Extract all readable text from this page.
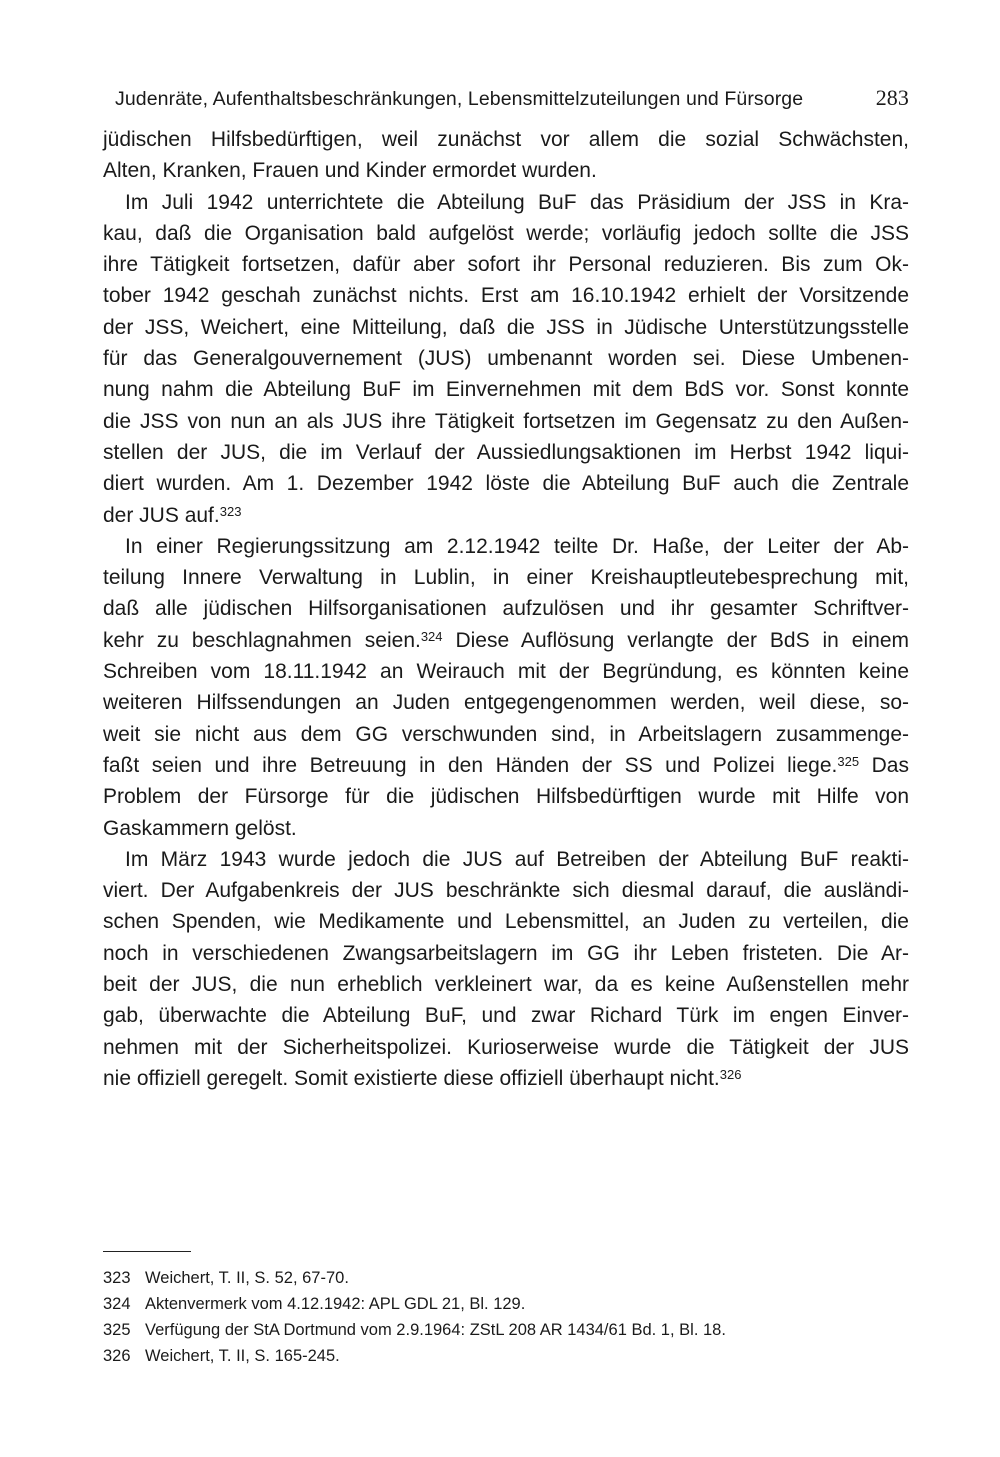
Judenräte, Aufenthaltsbeschränkungen, Lebensmittelzuteilungen und Fürsorge	283

jüdischen Hilfsbedürftigen, weil zunächst vor allem die sozial Schwächsten,
Alten, Kranken, Frauen und Kinder ermordet wurden.

Im Juli 1942 unterrichtete die Abteilung BuF das Präsidium der JSS in Kra-
kau, daß die Organisation bald aufgelöst werde; vorläufig jedoch sollte die JSS
ihre Tätigkeit fortsetzen, dafür aber sofort ihr Personal reduzieren. Bis zum Ok-
tober 1942 geschah zunächst nichts. Erst am 16.10.1942 erhielt der Vorsitzende
der JSS, Weichert, eine Mitteilung, daß die JSS in Jüdische Unterstützungsstelle
für das Generalgouvernement (JUS) umbenannt worden sei. Diese Umbenen-
nung nahm die Abteilung BuF im Einvernehmen mit dem BdS vor. Sonst konnte
die JSS von nun an als JUS ihre Tätigkeit fortsetzen im Gegensatz zu den Außen-
stellen der JUS, die im Verlauf der Aussiedlungsaktionen im Herbst 1942 liqui-
diert wurden. Am 1. Dezember 1942 löste die Abteilung BuF auch die Zentrale
der JUS auf.$^{323}$

In einer Regierungssitzung am 2.12.1942 teilte Dr. Haße, der Leiter der Ab-
teilung Innere Verwaltung in Lublin, in einer Kreishauptleutebesprechung mit,
daß alle jüdischen Hilfsorganisationen aufzulösen und ihr gesamter Schriftver-
kehr zu beschlagnahmen seien.$^{324}$ Diese Auflösung verlangte der BdS in einem
Schreiben vom 18.11.1942 an Weirauch mit der Begründung, es könnten keine
weiteren Hilfssendungen an Juden entgegengenommen werden, weil diese, so-
weit sie nicht aus dem GG verschwunden sind, in Arbeitslagern zusammenge-
faßt seien und ihre Betreuung in den Händen der SS und Polizei liege.$^{325}$ Das
Problem der Fürsorge für die jüdischen Hilfsbedürftigen wurde mit Hilfe von
Gaskammern gelöst.

Im März 1943 wurde jedoch die JUS auf Betreiben der Abteilung BuF reakti-
viert. Der Aufgabenkreis der JUS beschränkte sich diesmal darauf, die ausländi-
schen Spenden, wie Medikamente und Lebensmittel, an Juden zu verteilen, die
noch in verschiedenen Zwangsarbeitslagern im GG ihr Leben fristeten. Die Ar-
beit der JUS, die nun erheblich verkleinert war, da es keine Außenstellen mehr
gab, überwachte die Abteilung BuF, und zwar Richard Türk im engen Einver-
nehmen mit der Sicherheitspolizei. Kurioserweise wurde die Tätigkeit der JUS
nie offiziell geregelt. Somit existierte diese offiziell überhaupt nicht.$^{326}$

323 Weichert, T. II, S. 52, 67-70.
324 Aktenvermerk vom 4.12.1942: APL GDL 21, Bl. 129.
325 Verfügung der StA Dortmund vom 2.9.1964: ZStL 208 AR 1434/61 Bd. 1, Bl. 18.
326 Weichert, T. II, S. 165-245.
